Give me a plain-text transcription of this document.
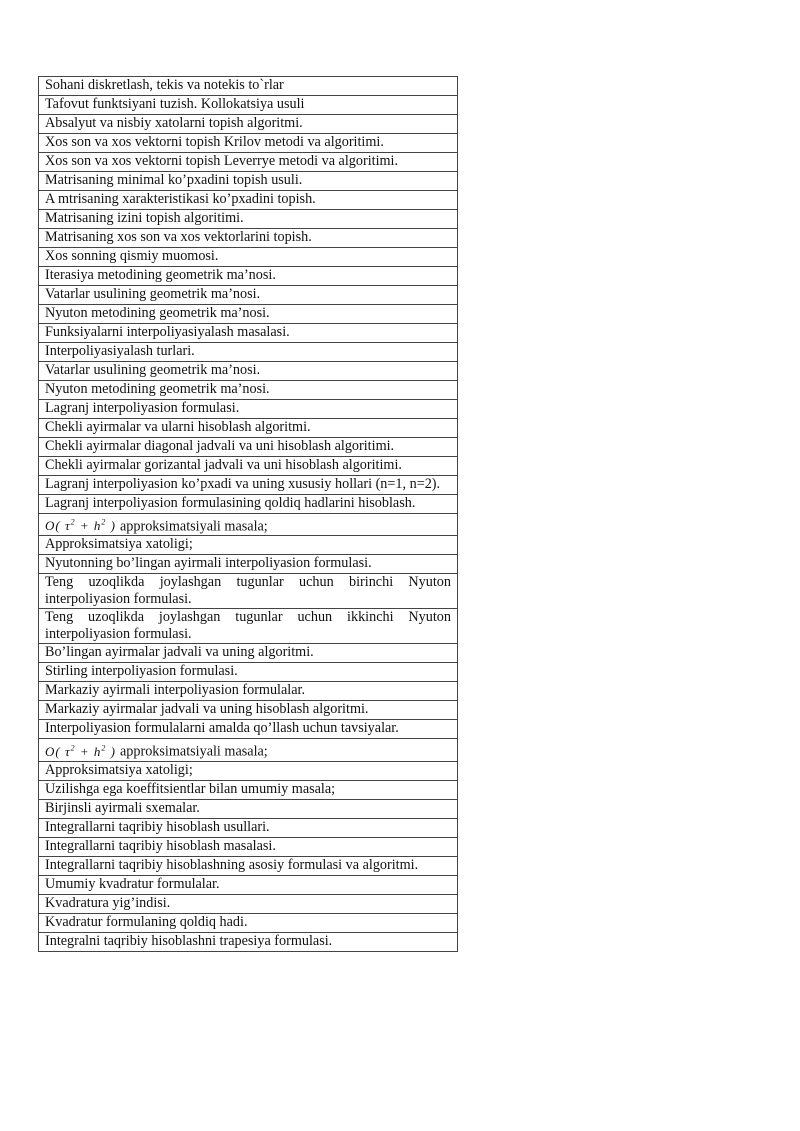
Sohani diskretlash, tekis va notekis to`rlar
Tafovut funktsiyani tuzish. Kollokatsiya usuli
Absalyut va nisbiy xatolarni topish algoritmi.
Xos son va xos vektorni topish Krilov metodi va algoritimi.
Xos son va xos vektorni topish Leverrye metodi va algoritimi.
Matrisaning minimal ko’pxadini topish usuli.
A mtrisaning xarakteristikasi ko’pxadini topish.
Matrisaning izini topish algoritimi.
Matrisaning xos son va xos vektorlarini topish.
Xos sonning qismiy muomosi.
Iterasiya metodining geometrik ma’nosi.
Vatarlar usulining geometrik ma’nosi.
Nyuton metodining geometrik ma’nosi.
Funksiyalarni interpoliyasiyalash masalasi.
Interpoliyasiyalash turlari.
Vatarlar usulining geometrik ma’nosi.
Nyuton metodining geometrik ma’nosi.
Lagranj interpoliyasion formulasi.
Chekli ayirmalar va ularni hisoblash algoritmi.
Chekli ayirmalar diagonal jadvali va uni hisoblash algoritimi.
Chekli ayirmalar gorizantal jadvali va uni hisoblash algoritimi.
Lagranj interpoliyasion ko’pxadi va uning xususiy hollari (n=1, n=2).
Lagranj interpoliyasion formulasining qoldiq hadlarini hisoblash.
O( $\tau^2 + h^2$ ) approksimatsiyali masala;
Approksimatsiya xatoligi;
Nyutonning bo’lingan ayirmali interpoliyasion formulasi.
Teng uzoqlikda joylashgan tugunlar uchun birinchi Nyuton interpoliyasion formulasi.
Teng uzoqlikda joylashgan tugunlar uchun ikkinchi Nyuton interpoliyasion formulasi.
Bo’lingan ayirmalar jadvali va uning algoritmi.
Stirling interpoliyasion formulasi.
Markaziy ayirmali interpoliyasion formulalar.
Markaziy ayirmalar jadvali va uning hisoblash algoritmi.
Interpoliyasion formulalarni amalda qo’llash uchun tavsiyalar.
O( $\tau^2 + h^2$ ) approksimatsiyali masala;
Approksimatsiya xatoligi;
Uzilishga ega koeffitsientlar bilan umumiy masala;
Birjinsli ayirmali sxemalar.
Integrallarni taqribiy hisoblash usullari.
Integrallarni taqribiy hisoblash masalasi.
Integrallarni taqribiy hisoblashning asosiy formulasi va algoritmi.
Umumiy kvadratur formulalar.
Kvadratura yig’indisi.
Kvadratur formulaning qoldiq hadi.
Integralni taqribiy hisoblashni trapesiya formulasi.
